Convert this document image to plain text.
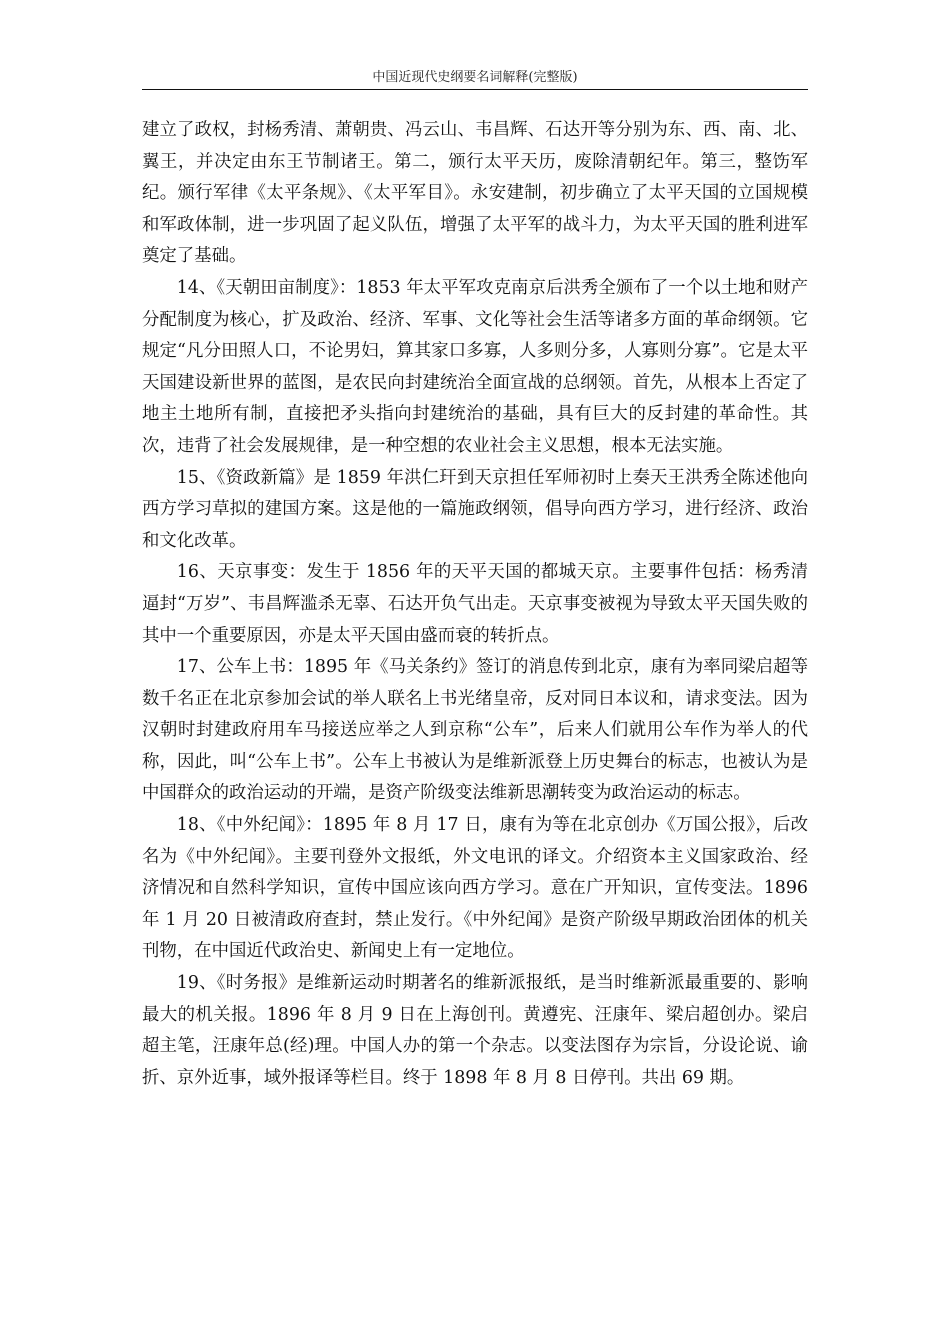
中国近现代史纲要名词解释(完整版)

建立了政权，封杨秀清、萧朝贵、冯云山、韦昌辉、石达开等分别为东、西、南、北、翼王，并决定由东王节制诸王。第二，颁行太平天历，废除清朝纪年。第三，整饬军纪。颁行军律《太平条规》、《太平军目》。永安建制，初步确立了太平天国的立国规模和军政体制，进一步巩固了起义队伍，增强了太平军的战斗力，为太平天国的胜利进军奠定了基础。

14、《天朝田亩制度》：1853 年太平军攻克南京后洪秀全颁布了一个以土地和财产分配制度为核心，扩及政治、经济、军事、文化等社会生活等诸多方面的革命纲领。它规定“凡分田照人口，不论男妇，算其家口多寡，人多则分多，人寡则分寡”。它是太平天国建设新世界的蓝图，是农民向封建统治全面宣战的总纲领。首先，从根本上否定了地主土地所有制，直接把矛头指向封建统治的基础，具有巨大的反封建的革命性。其次，违背了社会发展规律，是一种空想的农业社会主义思想，根本无法实施。

15、《资政新篇》是 1859 年洪仁玕到天京担任军师初时上奏天王洪秀全陈述他向西方学习草拟的建国方案。这是他的一篇施政纲领，倡导向西方学习，进行经济、政治和文化改革。

16、天京事变：发生于 1856 年的天平天国的都城天京。主要事件包括：杨秀清逼封“万岁”、韦昌辉滥杀无辜、石达开负气出走。天京事变被视为导致太平天国失败的其中一个重要原因，亦是太平天国由盛而衰的转折点。

17、公车上书：1895 年《马关条约》签订的消息传到北京，康有为率同梁启超等数千名正在北京参加会试的举人联名上书光绪皇帝，反对同日本议和，请求变法。因为汉朝时封建政府用车马接送应举之人到京称“公车”，后来人们就用公车作为举人的代称，因此，叫“公车上书”。公车上书被认为是维新派登上历史舞台的标志，也被认为是中国群众的政治运动的开端，是资产阶级变法维新思潮转变为政治运动的标志。

18、《中外纪闻》：1895 年 8 月 17 日，康有为等在北京创办《万国公报》，后改名为《中外纪闻》。主要刊登外文报纸，外文电讯的译文。介绍资本主义国家政治、经济情况和自然科学知识，宣传中国应该向西方学习。意在广开知识，宣传变法。1896 年 1 月 20 日被清政府查封，禁止发行。《中外纪闻》是资产阶级早期政治团体的机关刊物，在中国近代政治史、新闻史上有一定地位。

19、《时务报》是维新运动时期著名的维新派报纸，是当时维新派最重要的、影响最大的机关报。1896 年 8 月 9 日在上海创刊。黄遵宪、汪康年、梁启超创办。梁启超主笔，汪康年总(经)理。中国人办的第一个杂志。以变法图存为宗旨，分设论说、谕折、京外近事，域外报译等栏目。终于 1898 年 8 月 8 日停刊。共出 69 期。
